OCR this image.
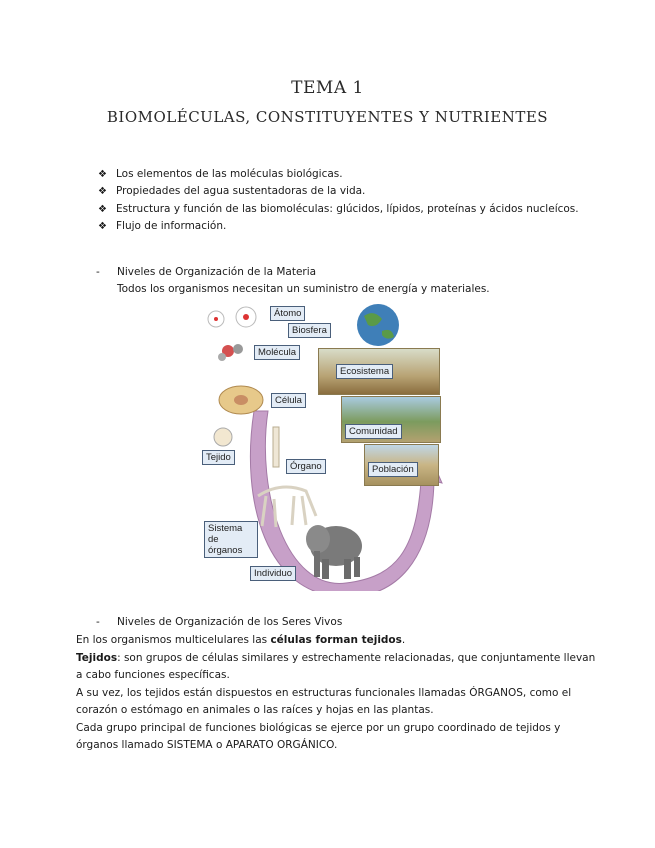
TEMA 1
BIOMOLÉCULAS, CONSTITUYENTES Y NUTRIENTES
❖ Los elementos de las moléculas biológicas.
❖ Propiedades del agua sustentadoras de la vida.
❖ Estructura y función de las biomoléculas: glúcidos, lípidos, proteínas y ácidos nucleícos.
❖ Flujo de información.
- Niveles de Organización de la Materia
Todos los organismos necesitan un suministro de energía y materiales.
Átomo
Biosfera
Molécula
Ecosistema
Célula
Comunidad
Tejido
Órgano	Población
Sistema
de
órganos
Individuo
- Niveles de Organización de los Seres Vivos

En los organismos multicelulares las células forman tejidos.

Tejidos: son grupos de células similares y estrechamente relacionadas, que conjuntamente llevan a cabo funciones específicas.

A su vez, los tejidos están dispuestos en estructuras funcionales llamadas ÓRGANOS, como el corazón o estómago en animales o las raíces y hojas en las plantas.

Cada grupo principal de funciones biológicas se ejerce por un grupo coordinado de tejidos y órganos llamado SISTEMA o APARATO ORGÁNICO.
